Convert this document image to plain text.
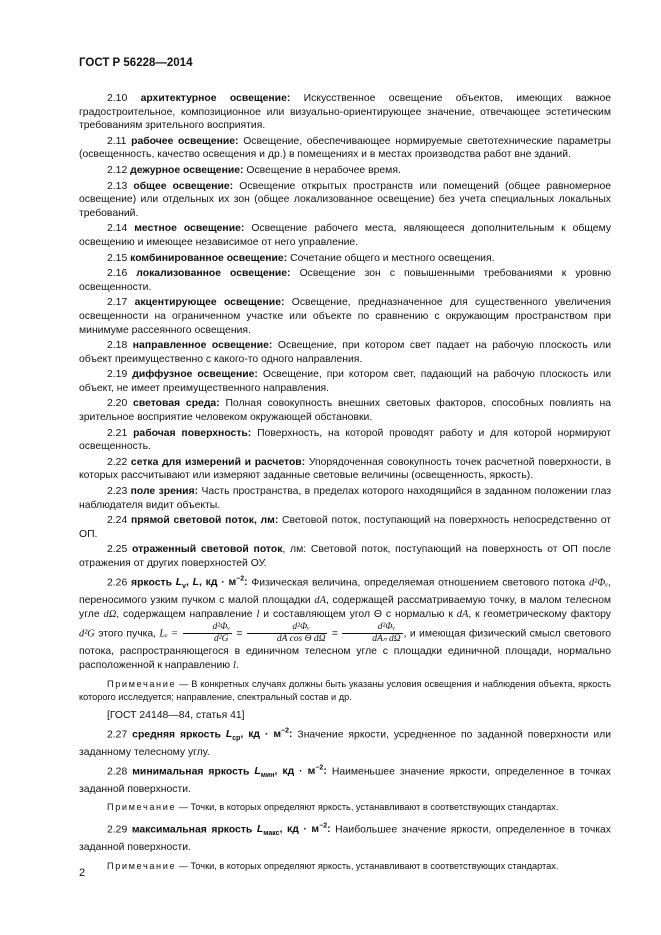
ГОСТ Р 56228—2014

2.10 архитектурное освещение: Искусственное освещение объектов, имеющих важное градостроительное, композиционное или визуально-ориентирующее значение, отвечающее эстетическим требованиям зрительного восприятия.

2.11 рабочее освещение: Освещение, обеспечивающее нормируемые светотехнические параметры (освещенность, качество освещения и др.) в помещениях и в местах производства работ вне зданий.

2.12 дежурное освещение: Освещение в нерабочее время.

2.13 общее освещение: Освещение открытых пространств или помещений (общее равномерное освещение) или отдельных их зон (общее локализованное освещение) без учета специальных локальных требований.

2.14 местное освещение: Освещение рабочего места, являющееся дополнительным к общему освещению и имеющее независимое от него управление.

2.15 комбинированное освещение: Сочетание общего и местного освещения.

2.16 локализованное освещение: Освещение зон с повышенными требованиями к уровню освещенности.

2.17 акцентирующее освещение: Освещение, предназначенное для существенного увеличения освещенности на ограниченном участке или объекте по сравнению с окружающим пространством при минимуме рассеянного освещения.

2.18 направленное освещение: Освещение, при котором свет падает на рабочую плоскость или объект преимущественно с какого-то одного направления.

2.19 диффузное освещение: Освещение, при котором свет, падающий на рабочую плоскость или объект, не имеет преимущественного направления.

2.20 световая среда: Полная совокупность внешних световых факторов, способных повлиять на зрительное восприятие человеком окружающей обстановки.

2.21 рабочая поверхность: Поверхность, на которой проводят работу и для которой нормируют освещенность.

2.22 сетка для измерений и расчетов: Упорядоченная совокупность точек расчетной поверхности, в которых рассчитывают или измеряют заданные световые величины (освещенность, яркость).

2.23 поле зрения: Часть пространства, в пределах которого находящийся в заданном положении глаз наблюдателя видит объекты.

2.24 прямой световой поток, лм: Световой поток, поступающий на поверхность непосредственно от ОП.

2.25 отраженный световой поток, лм: Световой поток, поступающий на поверхность от ОП после отражения от других поверхностей ОУ.

2.26 яркость $L_v$, L, кд · $м^{-2}$: Физическая величина, определяемая отношением светового потока d²Φᵥ, переносимого узким пучком с малой площадки dA, содержащей рассматриваемую точку, в малом телесном угле dΩ, содержащем направление l и составляющем угол Θ с нормалью к dA, к геометрическому фактору d²G этого пучка, Lᵥ = $\frac{\text{d²Φᵥ}}{\text{d²G}} = \frac{\text{d²Φᵥ}}{\text{dA cos Θ dΩ}} = \frac{\text{d²Φᵥ}}{\text{dAₙ dΩ}}$ , и имеющая физический смысл светового потока, распространяющегося в единичном телесном угле с площадки единичной площади, нормально расположенной к направлению l.

Примечание — В конкретных случаях должны быть указаны условия освещения и наблюдения объекта, яркость которого исследуется; направление, спектральный состав и др.

[ГОСТ 24148—84, статья 41]

2.27 средняя яркость $L_{ср}$, кд · $м^{-2}$: Значение яркости, усредненное по заданной поверхности или заданному телесному углу.

2.28 минимальная яркость $L_{мин}$, кд · $м^{-2}$: Наименьшее значение яркости, определенное в точках заданной поверхности.

Примечание — Точки, в которых определяют яркость, устанавливают в соответствующих стандартах.

2.29 максимальная яркость $L_{макс}$, кд · $м^{-2}$: Наибольшее значение яркости, определенное в точках заданной поверхности.

Примечание — Точки, в которых определяют яркость, устанавливают в соответствующих стандартах.

2
